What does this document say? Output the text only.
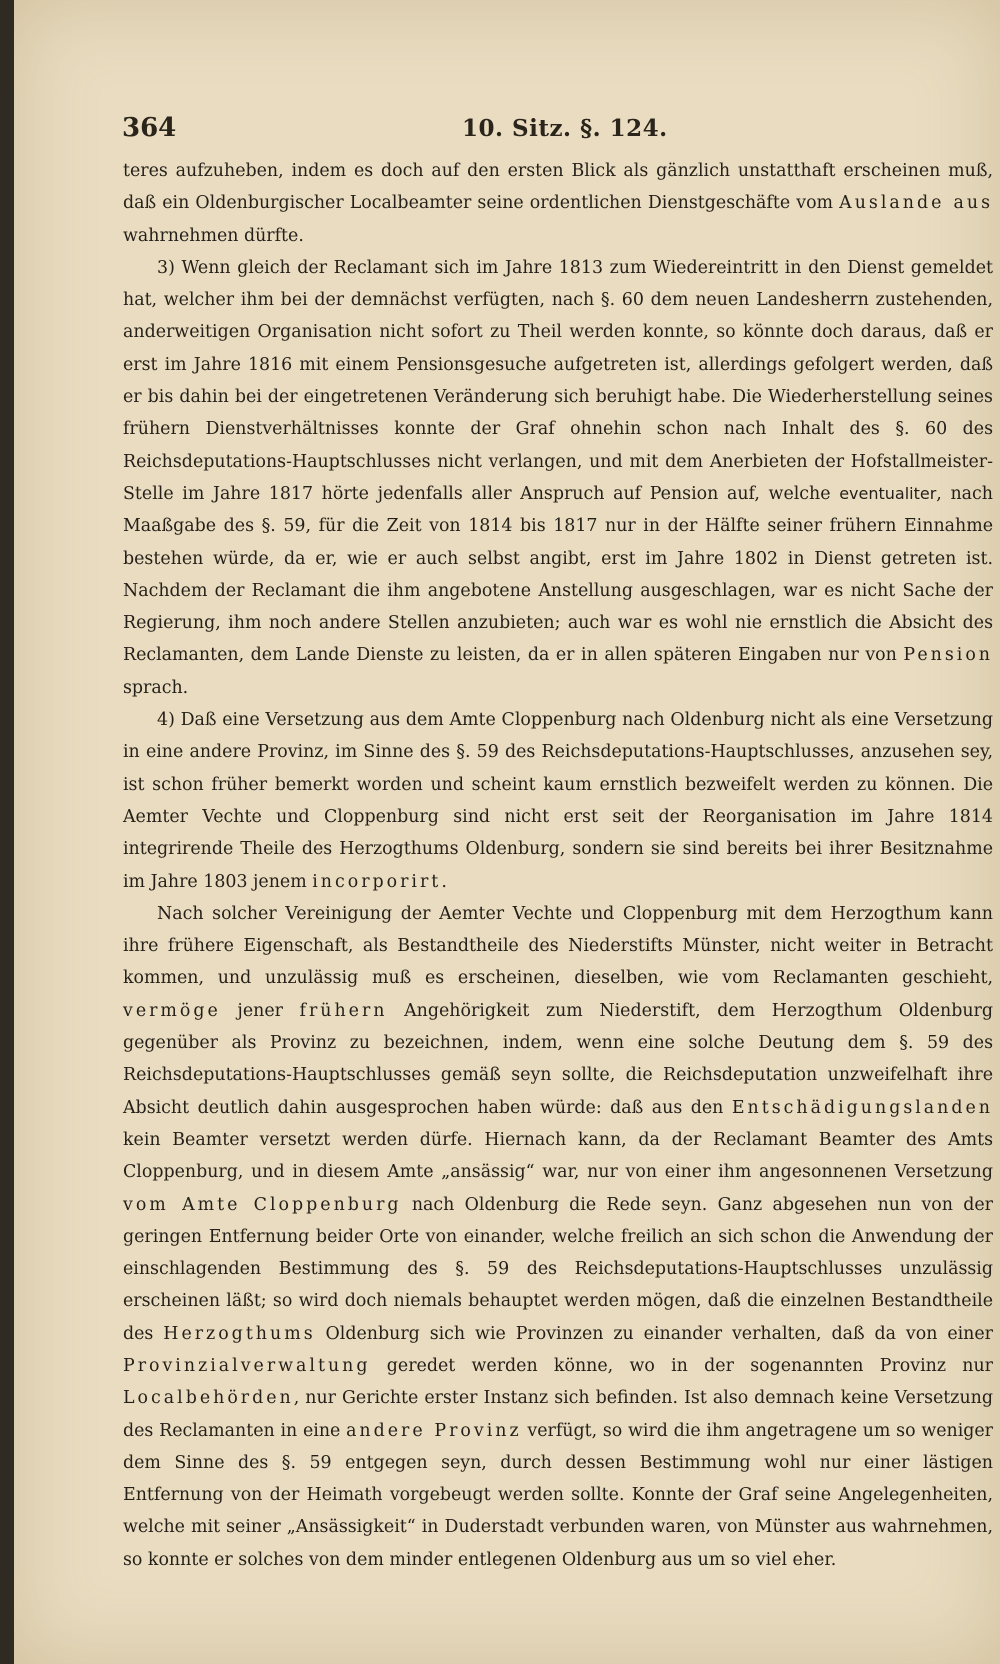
364	10. Sitz. §. 124.

teres aufzuheben, indem es doch auf den ersten Blick als gänzlich unstatthaft erscheinen muß, daß ein Oldenburgischer Localbeamter seine ordentlichen Dienstgeschäfte vom Auslande aus wahrnehmen dürfte.

3) Wenn gleich der Reclamant sich im Jahre 1813 zum Wiedereintritt in den Dienst gemeldet hat, welcher ihm bei der demnächst verfügten, nach §. 60 dem neuen Landesherrn zustehenden, anderweitigen Organisation nicht sofort zu Theil werden konnte, so könnte doch daraus, daß er erst im Jahre 1816 mit einem Pensionsgesuche aufgetreten ist, allerdings gefolgert werden, daß er bis dahin bei der eingetretenen Veränderung sich beruhigt habe. Die Wiederherstellung seines frühern Dienstverhältnisses konnte der Graf ohnehin schon nach Inhalt des §. 60 des Reichsdeputations-Hauptschlusses nicht verlangen, und mit dem Anerbieten der Hofstallmeister-Stelle im Jahre 1817 hörte jedenfalls aller Anspruch auf Pension auf, welche eventualiter, nach Maaßgabe des §. 59, für die Zeit von 1814 bis 1817 nur in der Hälfte seiner frühern Einnahme bestehen würde, da er, wie er auch selbst angibt, erst im Jahre 1802 in Dienst getreten ist. Nachdem der Reclamant die ihm angebotene Anstellung ausgeschlagen, war es nicht Sache der Regierung, ihm noch andere Stellen anzubieten; auch war es wohl nie ernstlich die Absicht des Reclamanten, dem Lande Dienste zu leisten, da er in allen späteren Eingaben nur von Pension sprach.

4) Daß eine Versetzung aus dem Amte Cloppenburg nach Oldenburg nicht als eine Versetzung in eine andere Provinz, im Sinne des §. 59 des Reichsdeputations-Hauptschlusses, anzusehen sey, ist schon früher bemerkt worden und scheint kaum ernstlich bezweifelt werden zu können. Die Aemter Vechte und Cloppenburg sind nicht erst seit der Reorganisation im Jahre 1814 integrirende Theile des Herzogthums Oldenburg, sondern sie sind bereits bei ihrer Besitznahme im Jahre 1803 jenem incorporirt.

Nach solcher Vereinigung der Aemter Vechte und Cloppenburg mit dem Herzogthum kann ihre frühere Eigenschaft, als Bestandtheile des Niederstifts Münster, nicht weiter in Betracht kommen, und unzulässig muß es erscheinen, dieselben, wie vom Reclamanten geschieht, vermöge jener frühern Angehörigkeit zum Niederstift, dem Herzogthum Oldenburg gegenüber als Provinz zu bezeichnen, indem, wenn eine solche Deutung dem §. 59 des Reichsdeputations-Hauptschlusses gemäß seyn sollte, die Reichsdeputation unzweifelhaft ihre Absicht deutlich dahin ausgesprochen haben würde: daß aus den Entschädigungslanden kein Beamter versetzt werden dürfe. Hiernach kann, da der Reclamant Beamter des Amts Cloppenburg, und in diesem Amte „ansässig“ war, nur von einer ihm angesonnenen Versetzung vom Amte Cloppenburg nach Oldenburg die Rede seyn. Ganz abgesehen nun von der geringen Entfernung beider Orte von einander, welche freilich an sich schon die Anwendung der einschlagenden Bestimmung des §. 59 des Reichsdeputations-Hauptschlusses unzulässig erscheinen läßt; so wird doch niemals behauptet werden mögen, daß die einzelnen Bestandtheile des Herzogthums Oldenburg sich wie Provinzen zu einander verhalten, daß da von einer Provinzialverwaltung geredet werden könne, wo in der sogenannten Provinz nur Localbehörden, nur Gerichte erster Instanz sich befinden. Ist also demnach keine Versetzung des Reclamanten in eine andere Provinz verfügt, so wird die ihm angetragene um so weniger dem Sinne des §. 59 entgegen seyn, durch dessen Bestimmung wohl nur einer lästigen Entfernung von der Heimath vorgebeugt werden sollte. Konnte der Graf seine Angelegenheiten, welche mit seiner „Ansässigkeit“ in Duderstadt verbunden waren, von Münster aus wahrnehmen, so konnte er solches von dem minder entlegenen Oldenburg aus um so viel eher.
